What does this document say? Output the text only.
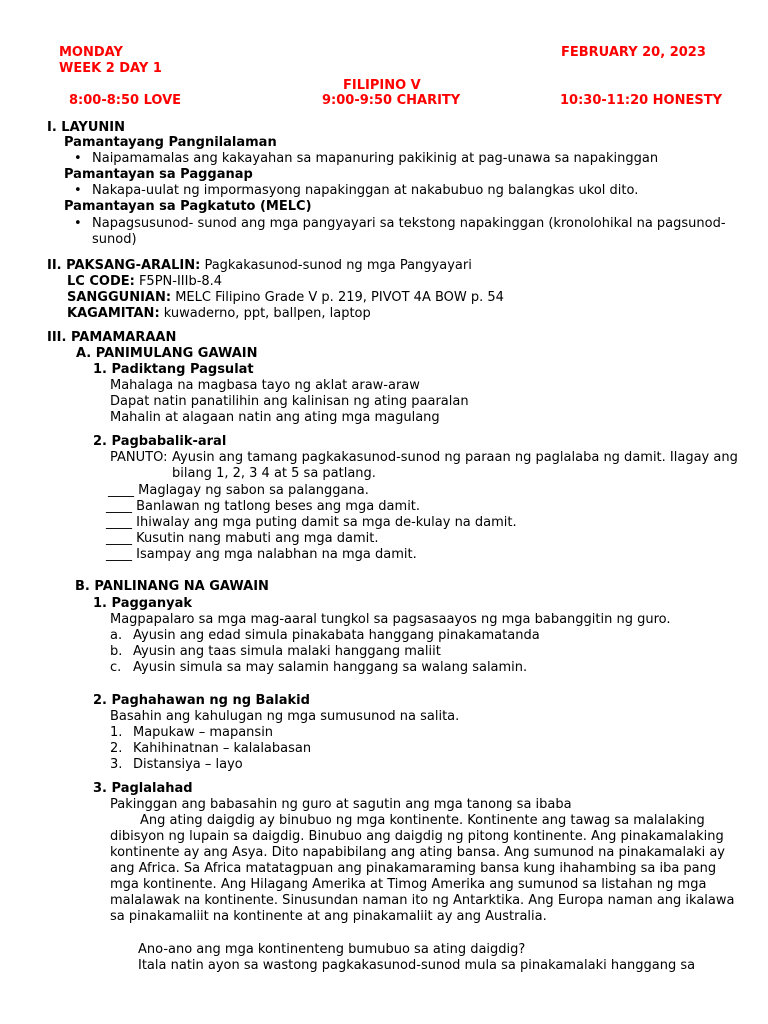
MONDAY
WEEK 2 DAY 1
FEBRUARY 20, 2023
FILIPINO V
8:00-8:50 LOVE	9:00-9:50 CHARITY	10:30-11:20 HONESTY
I. LAYUNIN
Pamantayang Pangnilalaman
• Naipamamalas ang kakayahan sa mapanuring pakikinig at pag-unawa sa napakinggan
Pamantayan sa Pagganap
• Nakapa-uulat ng impormasyong napakinggan at nakabubuo ng balangkas ukol dito.
Pamantayan sa Pagkatuto (MELC)
• Napagsusunod- sunod ang mga pangyayari sa tekstong napakinggan (kronolohikal na pagsunod-
sunod)
II. PAKSANG-ARALIN: Pagkakasunod-sunod ng mga Pangyayari
LC CODE: F5PN-IIIb-8.4
SANGGUNIAN: MELC Filipino Grade V p. 219, PIVOT 4A BOW p. 54
KAGAMITAN: kuwaderno, ppt, ballpen, laptop
III. PAMAMARAAN
A. PANIMULANG GAWAIN
1. Padiktang Pagsulat
Mahalaga na magbasa tayo ng aklat araw-araw
Dapat natin panatilihin ang kalinisan ng ating paaralan
Mahalin at alagaan natin ang ating mga magulang
2. Pagbabalik-aral
PANUTO: Ayusin ang tamang pagkakasunod-sunod ng paraan ng paglalaba ng damit. Ilagay ang
bilang 1, 2, 3 4 at 5 sa patlang.
____ Maglagay ng sabon sa palanggana.
____ Banlawan ng tatlong beses ang mga damit.
____ Ihiwalay ang mga puting damit sa mga de-kulay na damit.
____ Kusutin nang mabuti ang mga damit.
____ Isampay ang mga nalabhan na mga damit.
B. PANLINANG NA GAWAIN
1. Pagganyak
Magpapalaro sa mga mag-aaral tungkol sa pagsasaayos ng mga babanggitin ng guro.
a. Ayusin ang edad simula pinakabata hanggang pinakamatanda
b. Ayusin ang taas simula malaki hanggang maliit
c. Ayusin simula sa may salamin hanggang sa walang salamin.
2. Paghahawan ng ng Balakid
Basahin ang kahulugan ng mga sumusunod na salita.
1. Mapukaw – mapansin
2. Kahihinatnan – kalalabasan
3. Distansiya – layo
3. Paglalahad
Pakinggan ang babasahin ng guro at sagutin ang mga tanong sa ibaba
Ang ating daigdig ay binubuo ng mga kontinente. Kontinente ang tawag sa malalaking
dibisyon ng lupain sa daigdig. Binubuo ang daigdig ng pitong kontinente. Ang pinakamalaking
kontinente ay ang Asya. Dito napabibilang ang ating bansa. Ang sumunod na pinakamalaki ay
ang Africa. Sa Africa matatagpuan ang pinakamaraming bansa kung ihahambing sa iba pang
mga kontinente. Ang Hilagang Amerika at Timog Amerika ang sumunod sa listahan ng mga
malalawak na kontinente. Sinusundan naman ito ng Antarktika. Ang Europa naman ang ikalawa
sa pinakamaliit na kontinente at ang pinakamaliit ay ang Australia.
Ano-ano ang mga kontinenteng bumubuo sa ating daigdig?
Itala natin ayon sa wastong pagkakasunod-sunod mula sa pinakamalaki hanggang sa
